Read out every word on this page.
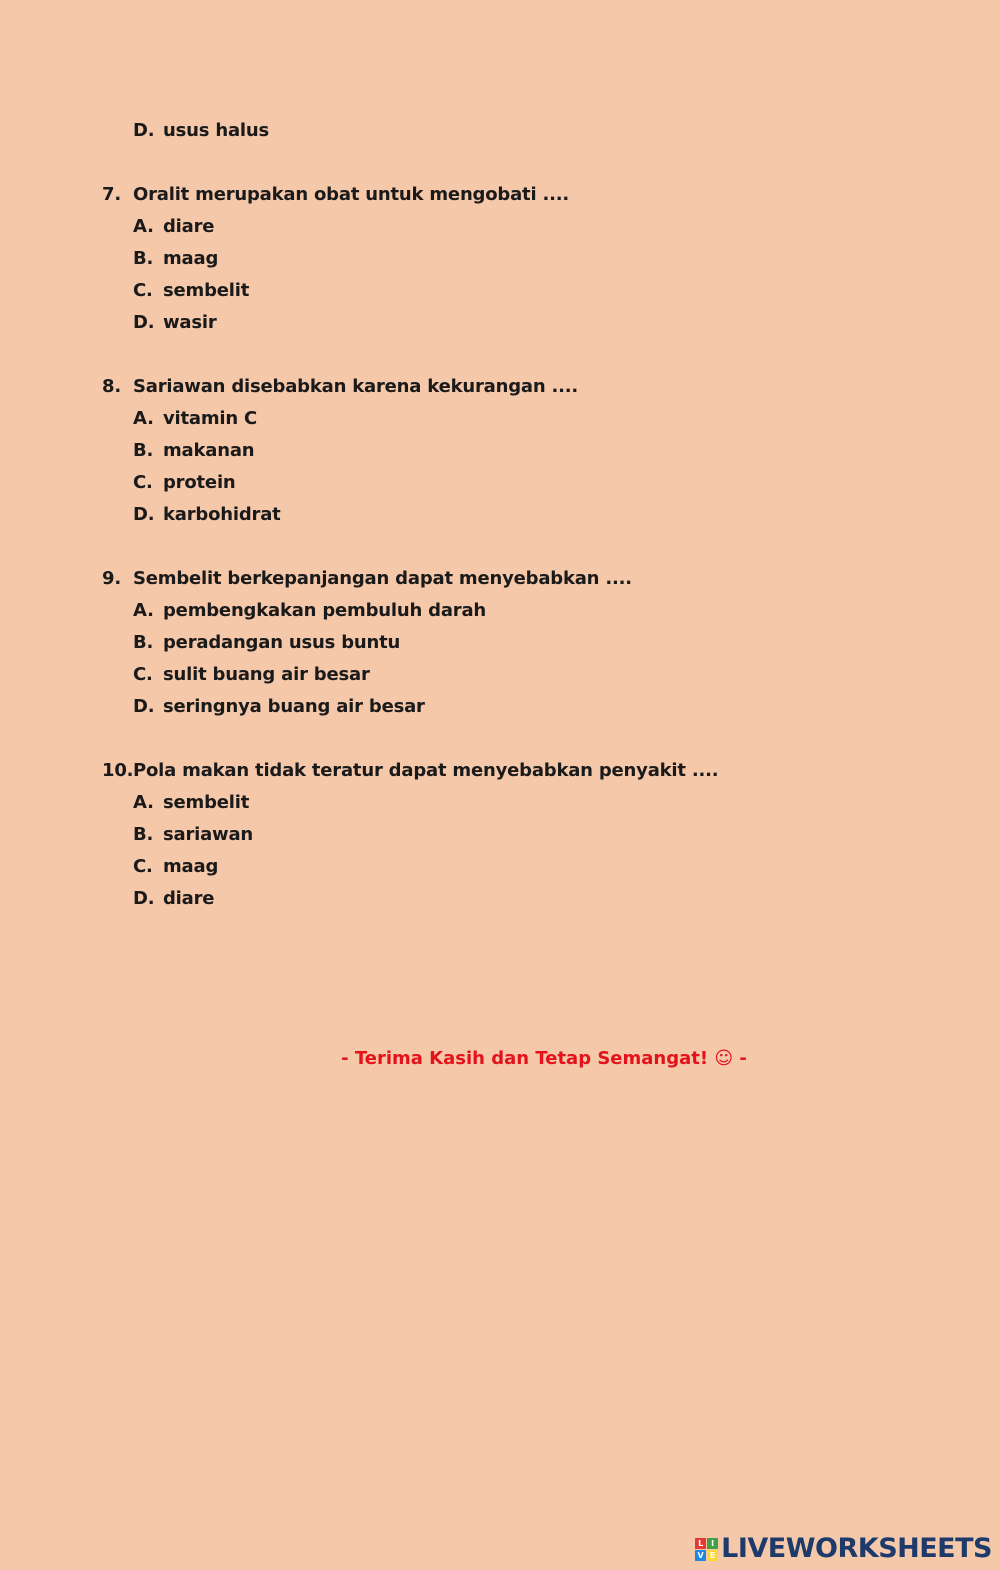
D. usus halus
7. Oralit merupakan obat untuk mengobati ....
A. diare
B. maag
C. sembelit
D. wasir
8. Sariawan disebabkan karena kekurangan ....
A. vitamin C
B. makanan
C. protein
D. karbohidrat
9. Sembelit berkepanjangan dapat menyebabkan ....
A. pembengkakan pembuluh darah
B. peradangan usus buntu
C. sulit buang air besar
D. seringnya buang air besar
10. Pola makan tidak teratur dapat menyebabkan penyakit ....
A. sembelit
B. sariawan
C. maag
D. diare
- Terima Kasih dan Tetap Semangat! ☺ -
L I
V E LIVEWORKSHEETS
